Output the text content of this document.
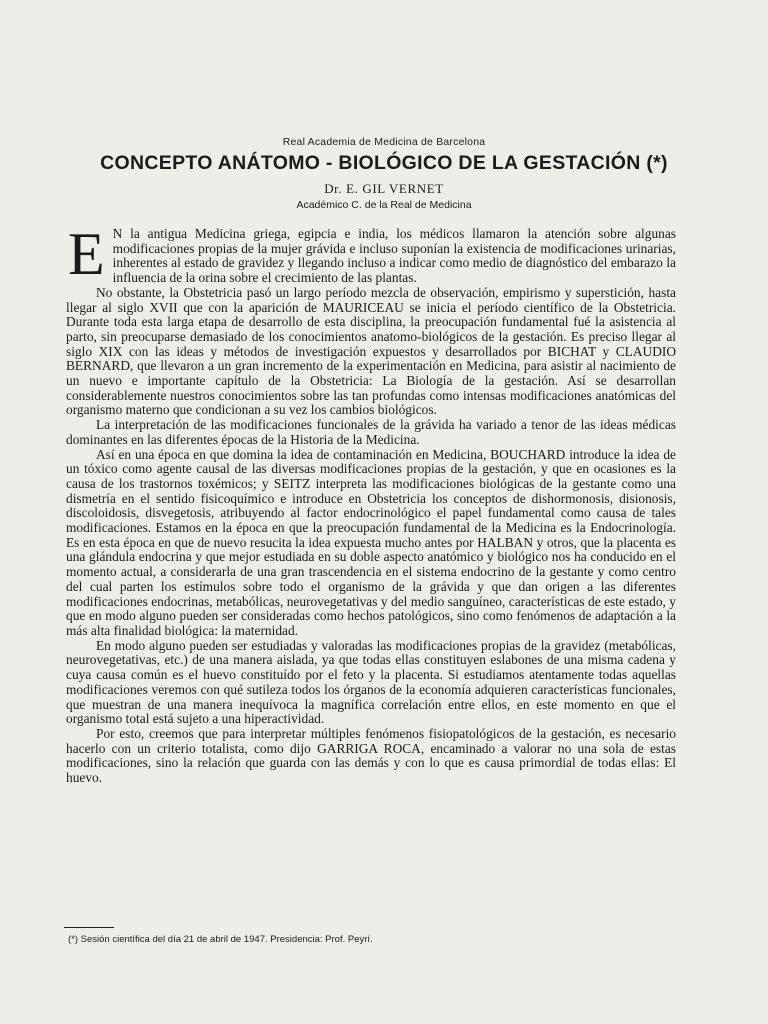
Real Academia de Medicina de Barcelona
CONCEPTO ANÁTOMO - BIOLÓGICO DE LA GESTACIÓN (*)
Dr. E. GIL VERNET
Académico C. de la Real de Medicina

E N la antigua Medicina griega, egipcia e india, los médicos llamaron la atención sobre algunas modificaciones propias de la mujer grávida e incluso suponían la existencia de modificaciones urinarias, inherentes al estado de gravidez y llegando incluso a indicar como medio de diagnóstico del embarazo la influencia de la orina sobre el crecimiento de las plantas.

No obstante, la Obstetricia pasó un largo período mezcla de observación, empirismo y superstición, hasta llegar al siglo XVII que con la aparición de MAURICEAU se inicia el período científico de la Obstetricia. Durante toda esta larga etapa de desarrollo de esta disciplina, la preocupación fundamental fué la asistencia al parto, sin preocuparse demasiado de los conocimientos anatomo-biológicos de la gestación. Es preciso llegar al siglo XIX con las ideas y métodos de investigación expuestos y desarrollados por BICHAT y CLAUDIO BERNARD, que llevaron a un gran incremento de la experimentación en Medicina, para asistir al nacimiento de un nuevo e importante capítulo de la Obstetricia: La Biología de la gestación. Así se desarrollan considerablemente nuestros conocimientos sobre las tan profundas como intensas modificaciones anatómicas del organismo materno que condicionan a su vez los cambios biológicos.

La interpretación de las modificaciones funcionales de la grávida ha variado a tenor de las ideas médicas dominantes en las diferentes épocas de la Historia de la Medicina.

Así en una época en que domina la idea de contaminación en Medicina, BOUCHARD introduce la idea de un tóxico como agente causal de las diversas modificaciones propias de la gestación, y que en ocasiones es la causa de los trastornos toxémicos; y SEITZ interpreta las modificaciones biológicas de la gestante como una dismetría en el sentido fisicoquímico e introduce en Obstetricia los conceptos de dishormonosis, disionosis, discoloidosis, disvegetosis, atribuyendo al factor endocrinológico el papel fundamental como causa de tales modificaciones. Estamos en la época en que la preocupación fundamental de la Medicina es la Endocrinología. Es en esta época en que de nuevo resucita la idea expuesta mucho antes por HALBAN y otros, que la placenta es una glándula endocrina y que mejor estudiada en su doble aspecto anatómico y biológico nos ha conducido en el momento actual, a considerarla de una gran trascendencia en el sistema endocrino de la gestante y como centro del cual parten los estímulos sobre todo el organismo de la grávida y que dan origen a las diferentes modificaciones endocrinas, metabólicas, neurovegetativas y del medio sanguíneo, características de este estado, y que en modo alguno pueden ser consideradas como hechos patológicos, sino como fenómenos de adaptación a la más alta finalidad biológica: la maternidad.

En modo alguno pueden ser estudiadas y valoradas las modificaciones propias de la gravidez (metabólicas, neurovegetativas, etc.) de una manera aislada, ya que todas ellas constituyen eslabones de una misma cadena y cuya causa común es el huevo constituído por el feto y la placenta. Si estudiamos atentamente todas aquellas modificaciones veremos con qué sutileza todos los órganos de la economía adquieren características funcionales, que muestran de una manera inequívoca la magnífica correlación entre ellos, en este momento en que el organismo total está sujeto a una hiperactividad.

Por esto, creemos que para interpretar múltiples fenómenos fisiopatológicos de la gestación, es necesario hacerlo con un criterio totalista, como dijo GARRIGA ROCA, encaminado a valorar no una sola de estas modificaciones, sino la relación que guarda con las demás y con lo que es causa primordial de todas ellas: El huevo.

(*) Sesión científica del día 21 de abril de 1947. Presidencia: Prof. Peyrí.
